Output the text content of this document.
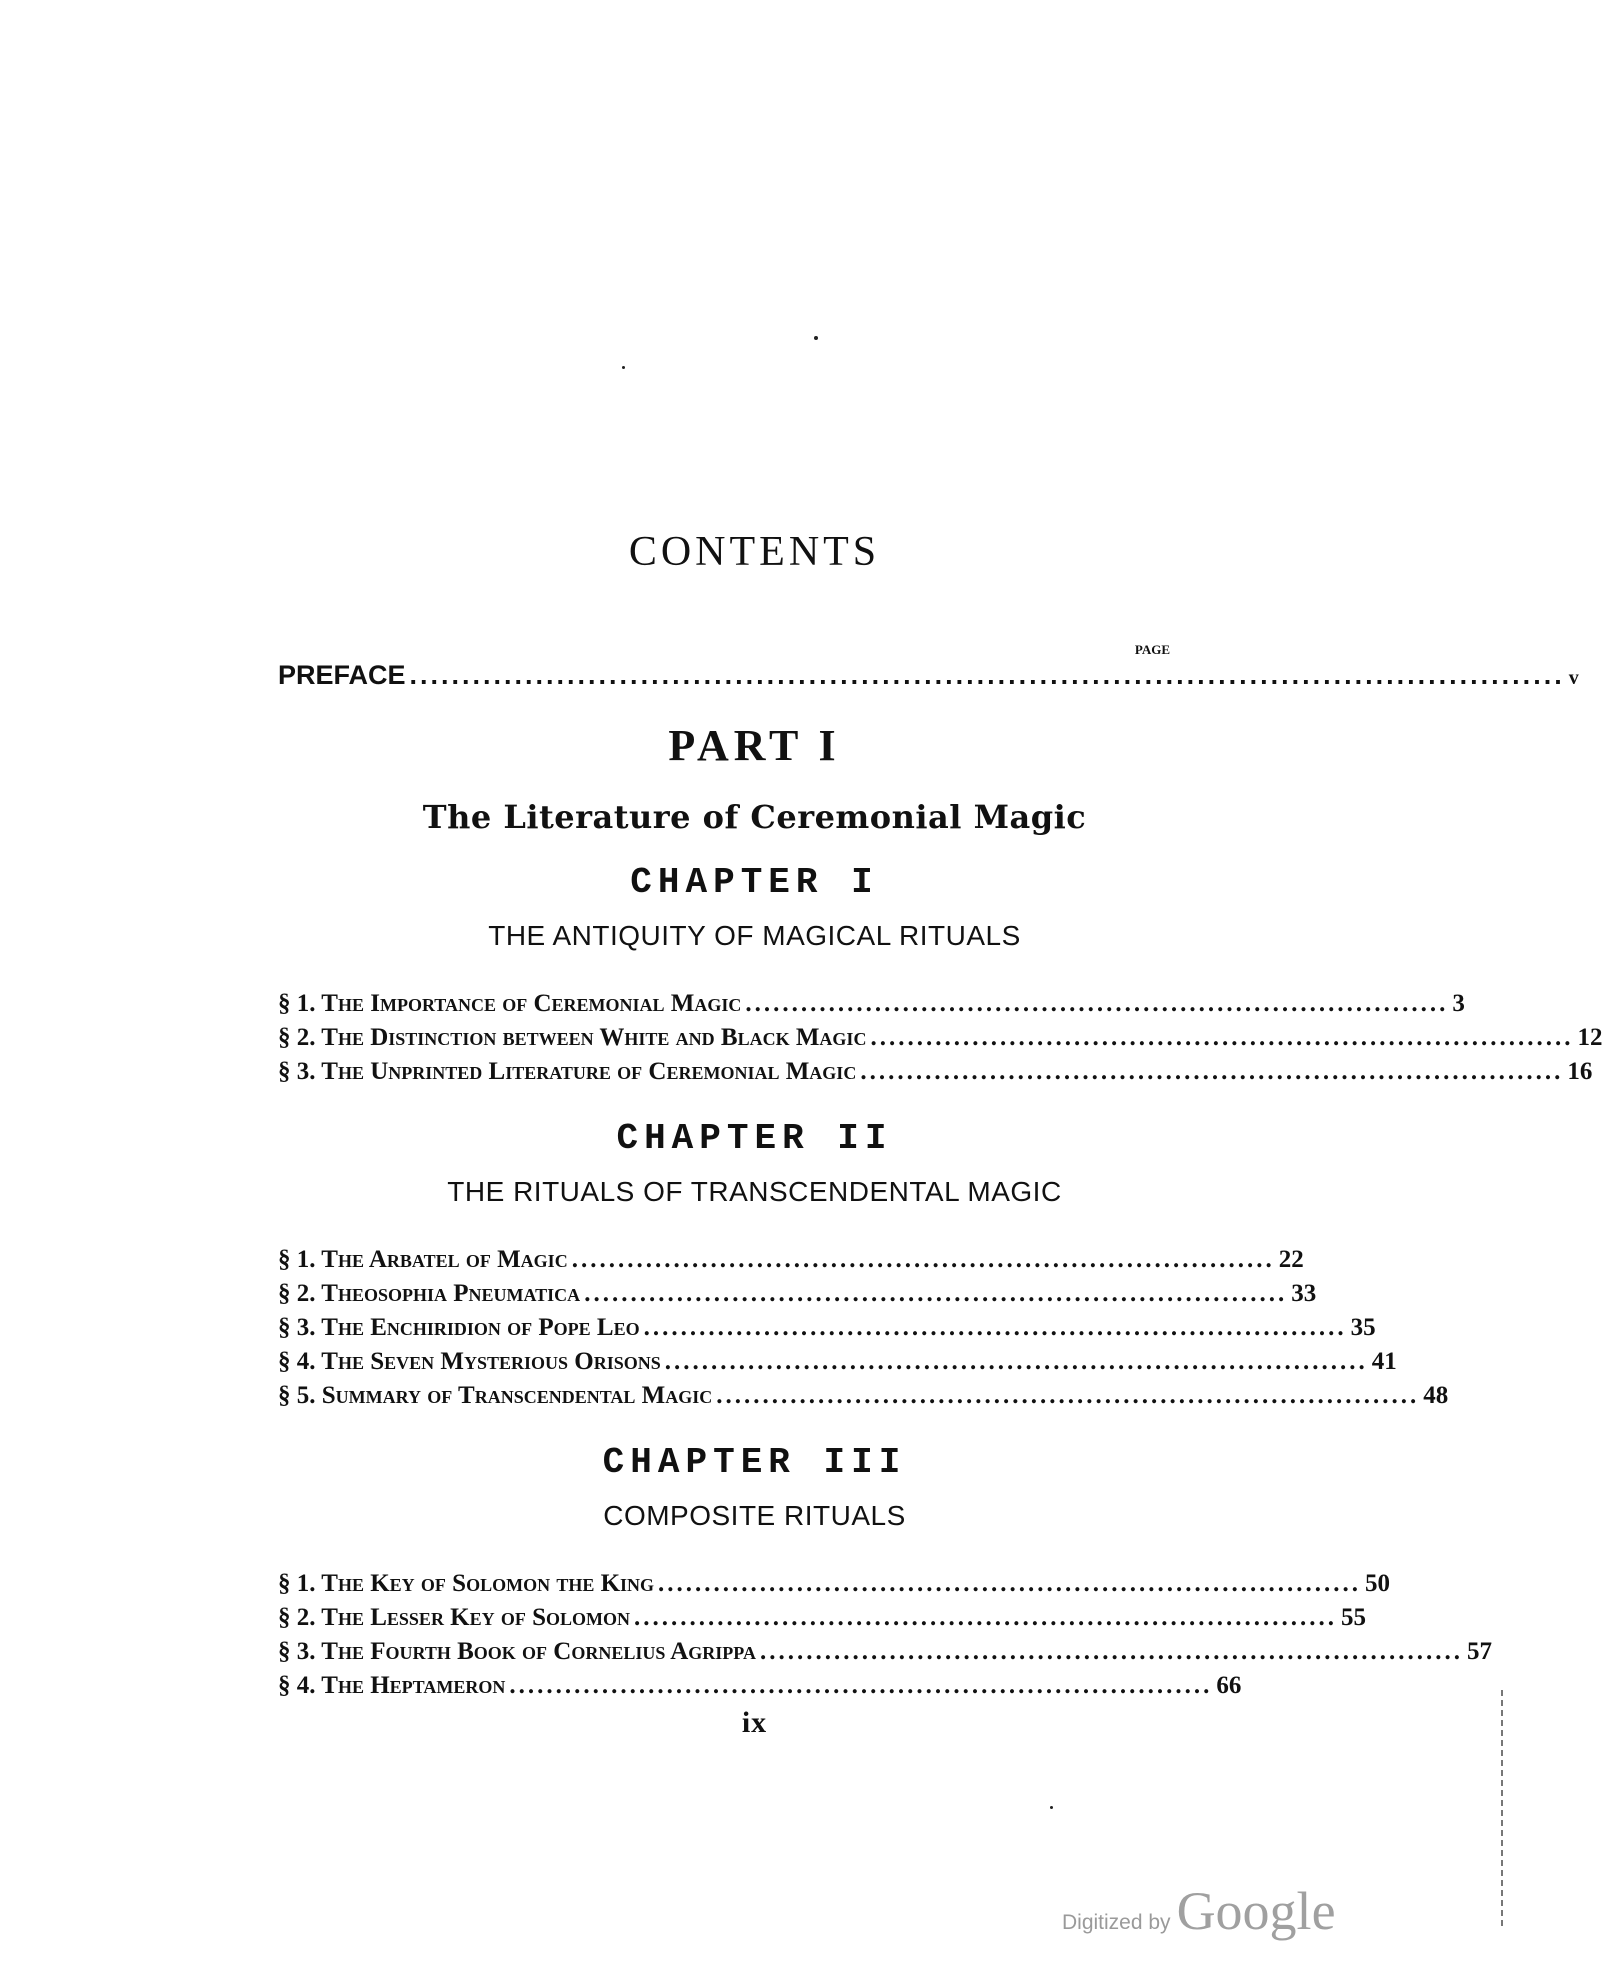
CONTENTS
PAGE
PREFACE .............................................................................................................. v
PART I
The Literature of Ceremonial Magic
CHAPTER I
THE ANTIQUITY OF MAGICAL RITUALS
§ 1. The Importance of Ceremonial Magic ............................................................................ 3
§ 2. The Distinction between White and Black Magic ............................................................................ 12
§ 3. The Unprinted Literature of Ceremonial Magic ............................................................................ 16
CHAPTER II
THE RITUALS OF TRANSCENDENTAL MAGIC
§ 1. The Arbatel of Magic ............................................................................ 22
§ 2. Theosophia Pneumatica ............................................................................ 33
§ 3. The Enchiridion of Pope Leo ............................................................................ 35
§ 4. The Seven Mysterious Orisons ............................................................................ 41
§ 5. Summary of Transcendental Magic ............................................................................ 48
CHAPTER III
COMPOSITE RITUALS
§ 1. The Key of Solomon the King ............................................................................ 50
§ 2. The Lesser Key of Solomon ............................................................................ 55
§ 3. The Fourth Book of Cornelius Agrippa ............................................................................ 57
§ 4. The Heptameron ............................................................................ 66
ix
Digitized by Google
